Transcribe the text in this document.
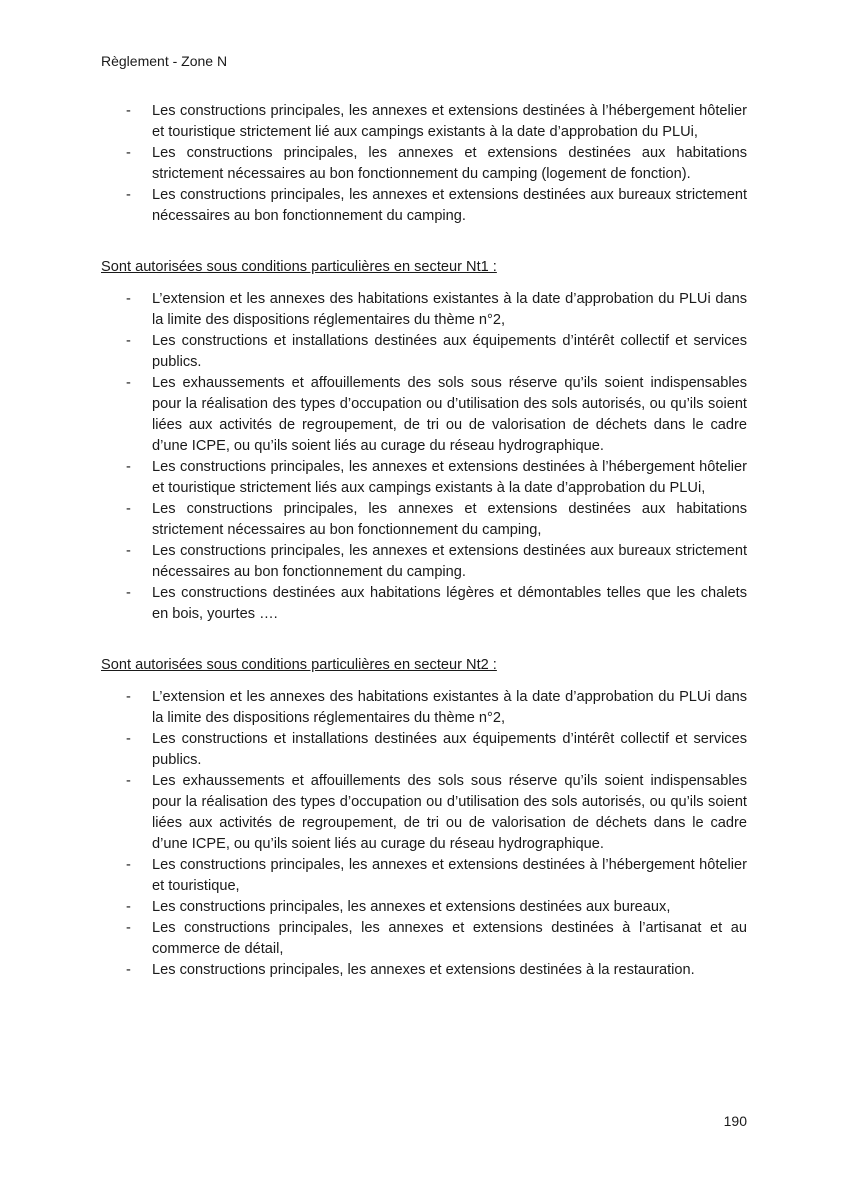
Règlement - Zone N
- Les constructions principales, les annexes et extensions destinées à l’hébergement hôtelier et touristique strictement lié aux campings existants à la date d’approbation du PLUi,
- Les constructions principales, les annexes et extensions destinées aux habitations strictement nécessaires au bon fonctionnement du camping (logement de fonction).
- Les constructions principales, les annexes et extensions destinées aux bureaux strictement nécessaires au bon fonctionnement du camping.
Sont autorisées sous conditions particulières en secteur Nt1 :
- L’extension et les annexes des habitations existantes à la date d’approbation du PLUi dans la limite des dispositions réglementaires du thème n°2,
- Les constructions et installations destinées aux équipements d’intérêt collectif et services publics.
- Les exhaussements et affouillements des sols sous réserve qu’ils soient indispensables pour la réalisation des types d’occupation ou d’utilisation des sols autorisés, ou qu’ils soient liées aux activités de regroupement, de tri ou de valorisation de déchets dans le cadre d’une ICPE, ou qu’ils soient liés au curage du réseau hydrographique.
- Les constructions principales, les annexes et extensions destinées à l’hébergement hôtelier et touristique strictement liés aux campings existants à la date d’approbation du PLUi,
- Les constructions principales, les annexes et extensions destinées aux habitations strictement nécessaires au bon fonctionnement du camping,
- Les constructions principales, les annexes et extensions destinées aux bureaux strictement nécessaires au bon fonctionnement du camping.
- Les constructions destinées aux habitations légères et démontables telles que les chalets en bois, yourtes ….
Sont autorisées sous conditions particulières en secteur Nt2 :
- L’extension et les annexes des habitations existantes à la date d’approbation du PLUi dans la limite des dispositions réglementaires du thème n°2,
- Les constructions et installations destinées aux équipements d’intérêt collectif et services publics.
- Les exhaussements et affouillements des sols sous réserve qu’ils soient indispensables pour la réalisation des types d’occupation ou d’utilisation des sols autorisés, ou qu’ils soient liées aux activités de regroupement, de tri ou de valorisation de déchets dans le cadre d’une ICPE, ou qu’ils soient liés au curage du réseau hydrographique.
- Les constructions principales, les annexes et extensions destinées à l’hébergement hôtelier et touristique,
- Les constructions principales, les annexes et extensions destinées aux bureaux,
- Les constructions principales, les annexes et extensions destinées à l’artisanat et au commerce de détail,
- Les constructions principales, les annexes et extensions destinées à la restauration.
190
